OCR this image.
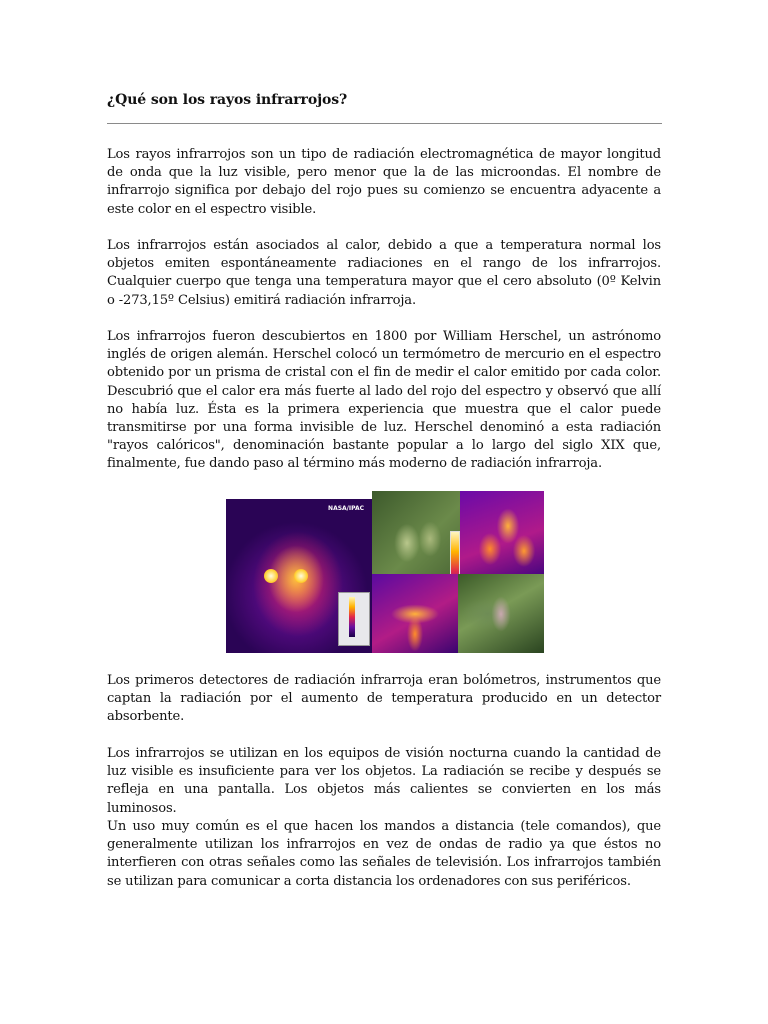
¿Qué son los rayos infrarrojos?

Los rayos infrarrojos son un tipo de radiación electromagnética de mayor longitud de onda que la luz visible, pero menor que la de las microondas. El nombre de infrarrojo significa por debajo del rojo pues su comienzo se encuentra adyacente a este color en el espectro visible.

Los infrarrojos están asociados al calor, debido a que a temperatura normal los objetos emiten espontáneamente radiaciones en el rango de los infrarrojos. Cualquier cuerpo que tenga una temperatura mayor que el cero absoluto (0º Kelvin o -273,15º Celsius) emitirá radiación infrarroja.

Los infrarrojos fueron descubiertos en 1800 por William Herschel, un astrónomo inglés de origen alemán. Herschel colocó un termómetro de mercurio en el espectro obtenido por un prisma de cristal con el fin de medir el calor emitido por cada color. Descubrió que el calor era más fuerte al lado del rojo del espectro y observó que allí no había luz. Ésta es la primera experiencia que muestra que el calor puede transmitirse por una forma invisible de luz. Herschel denominó a esta radiación "rayos calóricos", denominación bastante popular a lo largo del siglo XIX que, finalmente, fue dando paso al término más moderno de radiación infrarroja.

NASA/IPAC

Los primeros detectores de radiación infrarroja eran bolómetros, instrumentos que captan la radiación por el aumento de temperatura producido en un detector absorbente.

Los infrarrojos se utilizan en los equipos de visión nocturna cuando la cantidad de luz visible es insuficiente para ver los objetos. La radiación se recibe y después se refleja en una pantalla. Los objetos más calientes se convierten en los más luminosos.

Un uso muy común es el que hacen los mandos a distancia (tele comandos), que generalmente utilizan los infrarrojos en vez de ondas de radio ya que éstos no interfieren con otras señales como las señales de televisión. Los infrarrojos también se utilizan para comunicar a corta distancia los ordenadores con sus periféricos.
